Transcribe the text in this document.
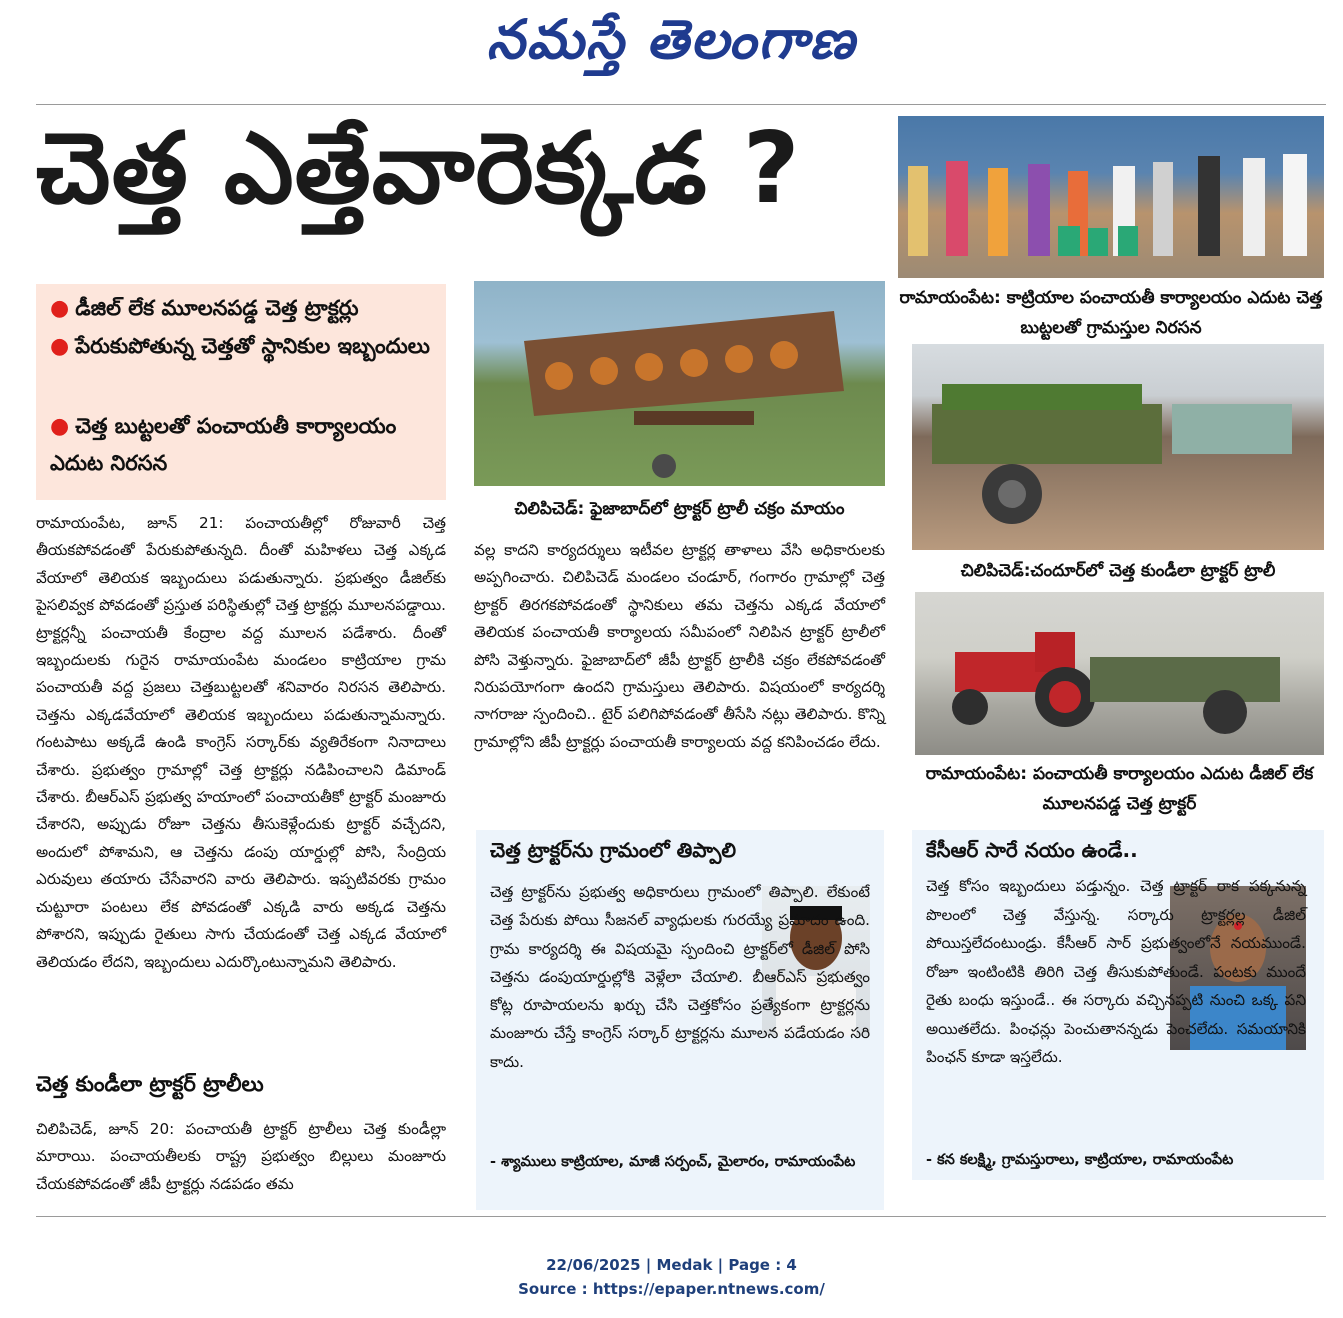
నమస్తే తెలంగాణ
చెత్త ఎత్తేవారెక్కడ ?
● డీజిల్ లేక మూలనపడ్డ చెత్త ట్రాక్టర్లు
● పేరుకుపోతున్న చెత్తతో స్థానికుల ఇబ్బందులు
● చెత్త బుట్టలతో పంచాయతీ కార్యాలయం ఎదుట నిరసన
రామాయంపేట: కాట్రియాల పంచాయతీ కార్యాలయం ఎదుట చెత్త బుట్టలతో గ్రామస్తుల నిరసన
చిలిపిచెడ్: ఫైజాబాద్‌లో ట్రాక్టర్ ట్రాలీ చక్రం మాయం
చిలిపిచెడ్:చందూర్‌లో చెత్త కుండీలా ట్రాక్టర్ ట్రాలీ
రామాయంపేట: పంచాయతీ కార్యాలయం ఎదుట డీజిల్ లేక మూలనపడ్డ చెత్త ట్రాక్టర్
రామాయంపేట, జూన్ 21: పంచాయతీల్లో రోజువారీ చెత్త తీయకపోవడంతో పేరుకుపోతున్నది. దీంతో మహిళలు చెత్త ఎక్కడ వేయాలో తెలియక ఇబ్బందులు పడుతున్నారు. ప్రభుత్వం డీజిల్‌కు పైసలివ్వక పోవడంతో ప్రస్తుత పరిస్థితుల్లో చెత్త ట్రాక్టర్లు మూలనపడ్డాయి. ట్రాక్టర్లన్నీ పంచాయతీ కేంద్రాల వద్ద మూలన పడేశారు. దీంతో ఇబ్బందులకు గురైన రామాయంపేట మండలం కాట్రియాల గ్రామ పంచాయతీ వద్ద ప్రజలు చెత్తబుట్టలతో శనివారం నిరసన తెలిపారు. చెత్తను ఎక్కడవేయాలో తెలియక ఇబ్బందులు పడుతున్నామన్నారు. గంటపాటు అక్కడే ఉండి కాంగ్రెస్ సర్కార్‌కు వ్యతిరేకంగా నినాదాలు చేశారు. ప్రభుత్వం గ్రామాల్లో చెత్త ట్రాక్టర్లు నడిపించాలని డిమాండ్ చేశారు. బీఆర్ఎస్ ప్రభుత్వ హయాంలో పంచాయతీకో ట్రాక్టర్ మంజూరు చేశారని, అప్పుడు రోజూ చెత్తను తీసుకెళ్లేందుకు ట్రాక్టర్ వచ్చేదని, అందులో పోశామని, ఆ చెత్తను డంపు యార్డుల్లో పోసి, సేంద్రియ ఎరువులు తయారు చేసేవారని వారు తెలిపారు. ఇప్పటివరకు గ్రామం చుట్టూరా పంటలు లేక పోవడంతో ఎక్కడి వారు అక్కడ చెత్తను పోశారని, ఇప్పుడు రైతులు సాగు చేయడంతో చెత్త ఎక్కడ వేయాలో తెలియడం లేదని, ఇబ్బందులు ఎదుర్కొంటున్నామని తెలిపారు.
చెత్త కుండీలా ట్రాక్టర్ ట్రాలీలు
చిలిపిచెడ్, జూన్ 20: పంచాయతీ ట్రాక్టర్ ట్రాలీలు చెత్త కుండీల్లా మారాయి. పంచాయతీలకు రాష్ట్ర ప్రభుత్వం బిల్లులు మంజూరు చేయకపోవడంతో జీపీ ట్రాక్టర్లు నడపడం తమ
వల్ల కాదని కార్యదర్శులు ఇటీవల ట్రాక్టర్ల తాళాలు వేసి అధికారులకు అప్పగించారు. చిలిపిచెడ్ మండలం చండూర్, గంగారం గ్రామాల్లో చెత్త ట్రాక్టర్ తిరగకపోవడంతో స్థానికులు తమ చెత్తను ఎక్కడ వేయాలో తెలియక పంచాయతీ కార్యాలయ సమీపంలో నిలిపిన ట్రాక్టర్ ట్రాలీలో పోసి వెళ్తున్నారు. ఫైజాబాద్‌లో జీపీ ట్రాక్టర్ ట్రాలీకి చక్రం లేకపోవడంతో నిరుపయోగంగా ఉందని గ్రామస్తులు తెలిపారు. విషయంలో కార్యదర్శి నాగరాజు స్పందించి.. టైర్ పలిగిపోవడంతో తీసేసి నట్లు తెలిపారు. కొన్ని గ్రామాల్లోని జీపీ ట్రాక్టర్లు పంచాయతీ కార్యాలయ వద్ద కనిపించడం లేదు.
చెత్త ట్రాక్టర్‌ను గ్రామంలో తిప్పాలి
చెత్త ట్రాక్టర్‌ను ప్రభుత్వ అధికారులు గ్రామంలో తిప్పాలి. లేకుంటే చెత్త పేరుకు పోయి సీజనల్ వ్యాధులకు గురయ్యే ప్రమాదం ఉంది. గ్రామ కార్యదర్శి ఈ విషయమై స్పందించి ట్రాక్టర్‌లో డీజిల్ పోసి చెత్తను డంపుయార్డుల్లోకి వెళ్లేలా చేయాలి. బీఆర్ఎస్ ప్రభుత్వం కోట్ల రూపాయలను ఖర్చు చేసి చెత్తకోసం ప్రత్యేకంగా ట్రాక్టర్లను మంజూరు చేస్తే కాంగ్రెస్ సర్కార్ ట్రాక్టర్లను మూలన పడేయడం సరి కాదు.
- శ్యాములు కాట్రియాల, మాజీ సర్పంచ్, మైలారం, రామాయంపేట
కేసీఆర్ సారే నయం ఉండే..
చెత్త కోసం ఇబ్బందులు పడ్తున్నం. చెత్త ట్రాక్టర్ రాక పక్కనున్న పొలంలో చెత్త వేస్తున్న. సర్కారు ట్రాక్టర్లల్ల డీజిల్ పోయిస్తలేదంటుండ్రు. కేసీఆర్ సార్ ప్రభుత్వంలోనే నయముండే. రోజూ ఇంటింటికి తిరిగి చెత్త తీసుకుపోతుండే. పంటకు ముందే రైతు బంధు ఇస్తుండే.. ఈ సర్కారు వచ్చినప్పటి నుంచి ఒక్క పని అయితలేదు. పింఛన్లు పెంచుతానన్నడు పెంచలేదు. సమయానికి పింఛన్ కూడా ఇస్తలేదు.
- కన కలక్ష్మి, గ్రామస్తురాలు, కాట్రియాల, రామాయంపేట
22/06/2025 | Medak | Page : 4
Source : https://epaper.ntnews.com/
